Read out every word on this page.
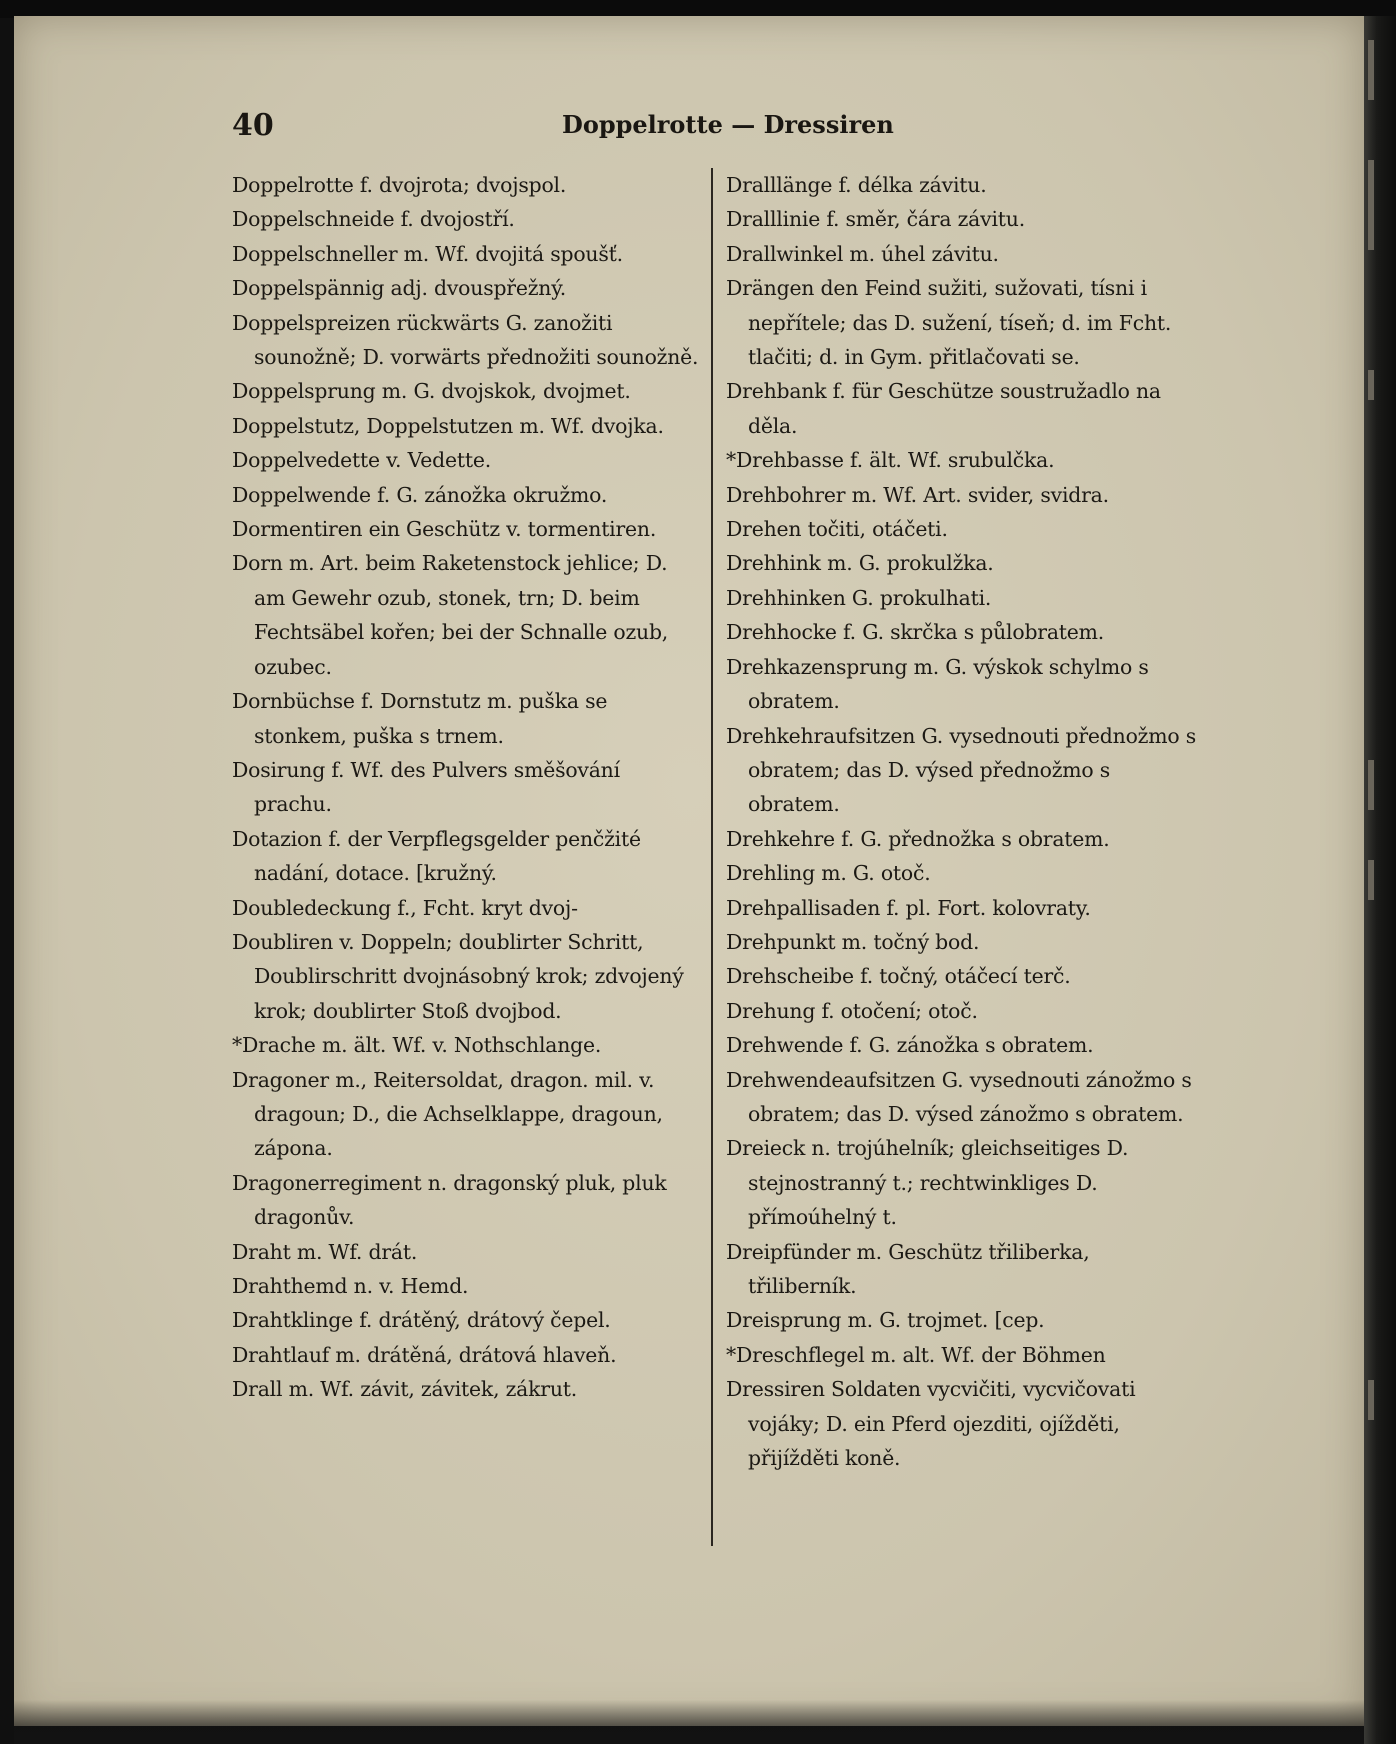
40	Doppelrotte — Dressiren

Doppelrotte f. dvojrota; dvojspol.

Doppelschneide f. dvojostří.

Doppelschneller m. Wf. dvojitá spoušť.

Doppelspännig adj. dvouspřežný.

Doppelspreizen rückwärts G. zanožiti sounožně; D. vorwärts přednožiti sounožně.

Doppelsprung m. G. dvojskok, dvojmet.

Doppelstutz, Doppelstutzen m. Wf. dvojka.

Doppelvedette v. Vedette.

Doppelwende f. G. zánožka okružmo.

Dormentiren ein Geschütz v. tormentiren.

Dorn m. Art. beim Raketenstock jehlice; D. am Gewehr ozub, stonek, trn; D. beim Fechtsäbel kořen; bei der Schnalle ozub, ozubec.

Dornbüchse f. Dornstutz m. puška se stonkem, puška s trnem.

Dosirung f. Wf. des Pulvers směšování prachu.

Dotazion f. der Verpflegsgelder penčžité nadání, dotace. [kružný.

Doubledeckung f., Fcht. kryt dvoj-

Doubliren v. Doppeln; doublirter Schritt, Doublirschritt dvojnásobný krok; zdvojený krok; doublirter Stoß dvojbod.

*Drache m. ält. Wf. v. Nothschlange.

Dragoner m., Reitersoldat, dragon. mil. v. dragoun; D., die Achselklappe, dragoun, zápona.

Dragonerregiment n. dragonský pluk, pluk dragonův.

Draht m. Wf. drát.

Drahthemd n. v. Hemd.

Drahtklinge f. drátěný, drátový čepel.

Drahtlauf m. drátěná, drátová hlaveň.

Drall m. Wf. závit, závitek, zákrut.

Dralllänge f. délka závitu.

Dralllinie f. směr, čára závitu.

Drallwinkel m. úhel závitu.

Drängen den Feind sužiti, sužovati, tísni i nepřítele; das D. sužení, tíseň; d. im Fcht. tlačiti; d. in Gym. přitlačovati se.

Drehbank f. für Geschütze soustružadlo na děla.

*Drehbasse f. ält. Wf. srubulčka.

Drehbohrer m. Wf. Art. svider, svidra.

Drehen točiti, otáčeti.

Drehhink m. G. prokulžka.

Drehhinken G. prokulhati.

Drehhocke f. G. skrčka s půlobratem.

Drehkazensprung m. G. výskok schylmo s obratem.

Drehkehraufsitzen G. vysednouti přednožmo s obratem; das D. výsed přednožmo s obratem.

Drehkehre f. G. přednožka s obratem.

Drehling m. G. otoč.

Drehpallisaden f. pl. Fort. kolovraty.

Drehpunkt m. točný bod.

Drehscheibe f. točný, otáčecí terč.

Drehung f. otočení; otoč.

Drehwende f. G. zánožka s obratem.

Drehwendeaufsitzen G. vysednouti zánožmo s obratem; das D. výsed zánožmo s obratem.

Dreieck n. trojúhelník; gleichseitiges D. stejnostranný t.; rechtwinkliges D. přímoúhelný t.

Dreipfünder m. Geschütz třiliberka, třiliberník.

Dreisprung m. G. trojmet. [cep.

*Dreschflegel m. alt. Wf. der Böhmen

Dressiren Soldaten vycvičiti, vycvičovati vojáky; D. ein Pferd ojezditi, ojížděti, přijížděti koně.
